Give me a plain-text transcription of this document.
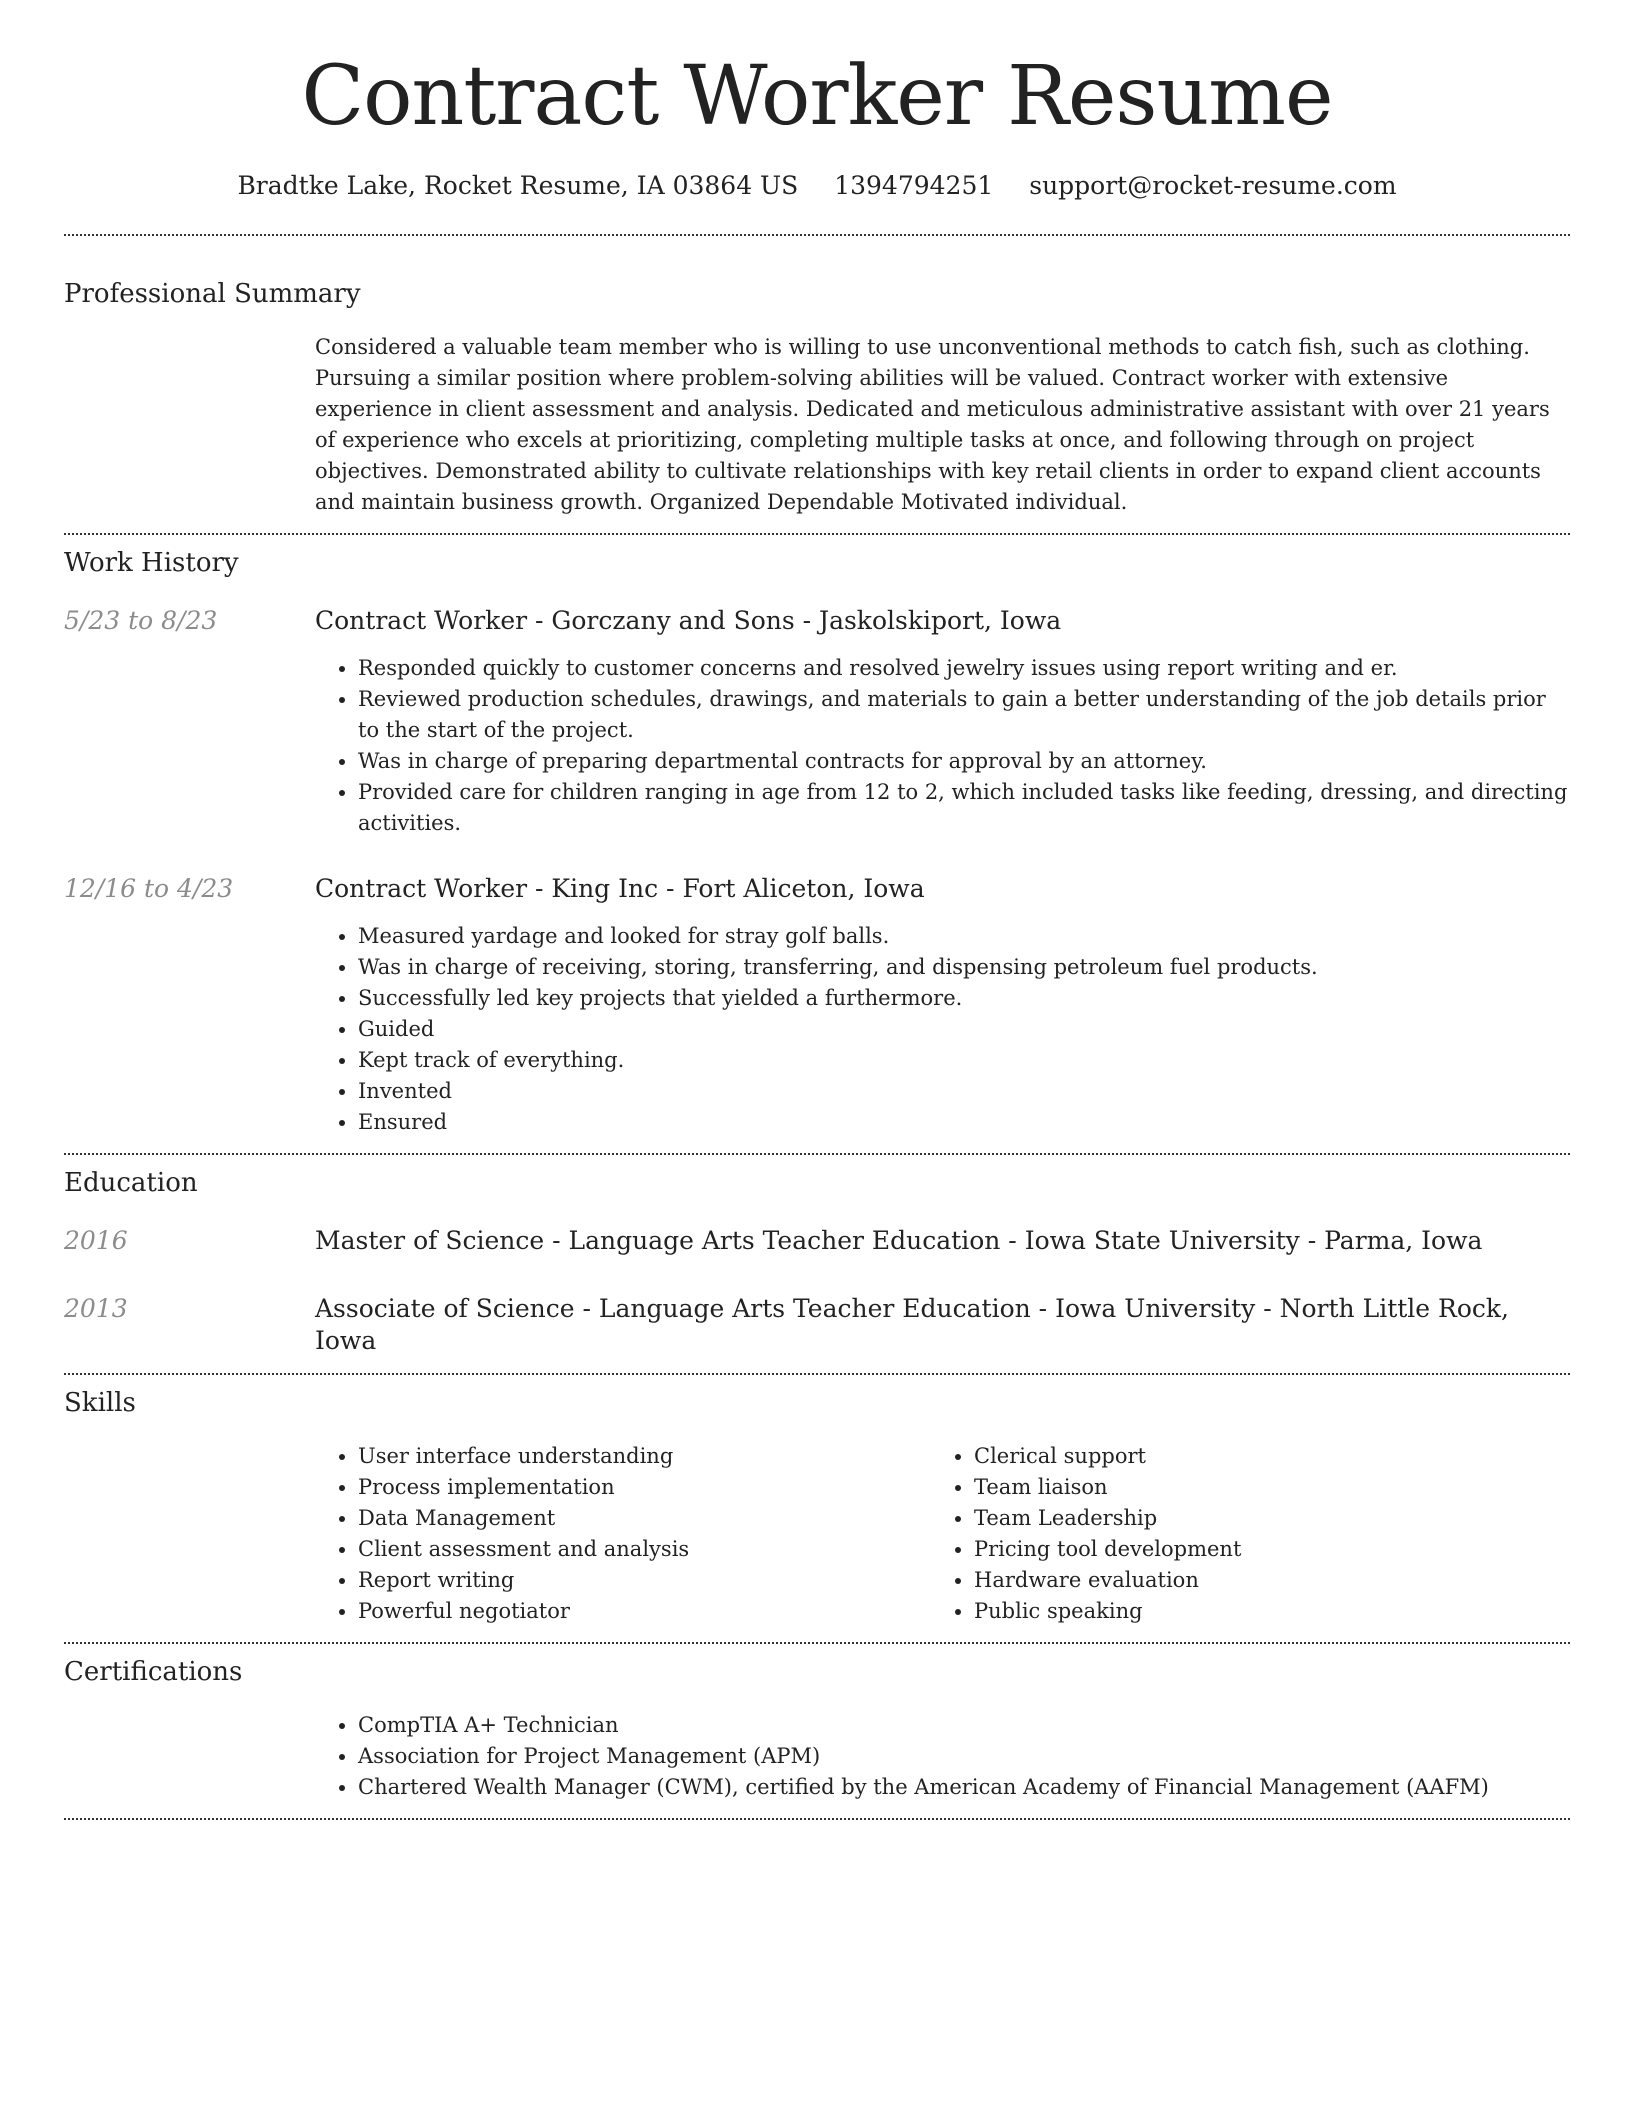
Contract Worker Resume
Bradtke Lake, Rocket Resume, IA 03864 US 1394794251 support@rocket-resume.com
Professional Summary

Considered a valuable team member who is willing to use unconventional methods to catch fish, such as clothing. Pursuing a similar position where problem-solving abilities will be valued. Contract worker with extensive experience in client assessment and analysis. Dedicated and meticulous administrative assistant with over 21 years of experience who excels at prioritizing, completing multiple tasks at once, and following through on project objectives. Demonstrated ability to cultivate relationships with key retail clients in order to expand client accounts and maintain business growth. Organized Dependable Motivated individual.

Work History
5/23 to 8/23	Contract Worker - Gorczany and Sons - Jaskolskiport, Iowa

• Responded quickly to customer concerns and resolved jewelry issues using report writing and er.
• Reviewed production schedules, drawings, and materials to gain a better understanding of the job details prior to the start of the project.
• Was in charge of preparing departmental contracts for approval by an attorney.
• Provided care for children ranging in age from 12 to 2, which included tasks like feeding, dressing, and directing activities.
12/16 to 4/23	Contract Worker - King Inc - Fort Aliceton, Iowa

• Measured yardage and looked for stray golf balls.
• Was in charge of receiving, storing, transferring, and dispensing petroleum fuel products.
• Successfully led key projects that yielded a furthermore.
• Guided
• Kept track of everything.
• Invented
• Ensured
Education
2016	Master of Science - Language Arts Teacher Education - Iowa State University - Parma, Iowa

2013	Associate of Science - Language Arts Teacher Education - Iowa University - North Little Rock, Iowa

Skills
• User interface understanding
• Process implementation
• Data Management
• Client assessment and analysis
• Report writing
• Powerful negotiator
• Clerical support
• Team liaison
• Team Leadership
• Pricing tool development
• Hardware evaluation
• Public speaking
Certifications
• CompTIA A+ Technician
• Association for Project Management (APM)
• Chartered Wealth Manager (CWM), certified by the American Academy of Financial Management (AAFM)
